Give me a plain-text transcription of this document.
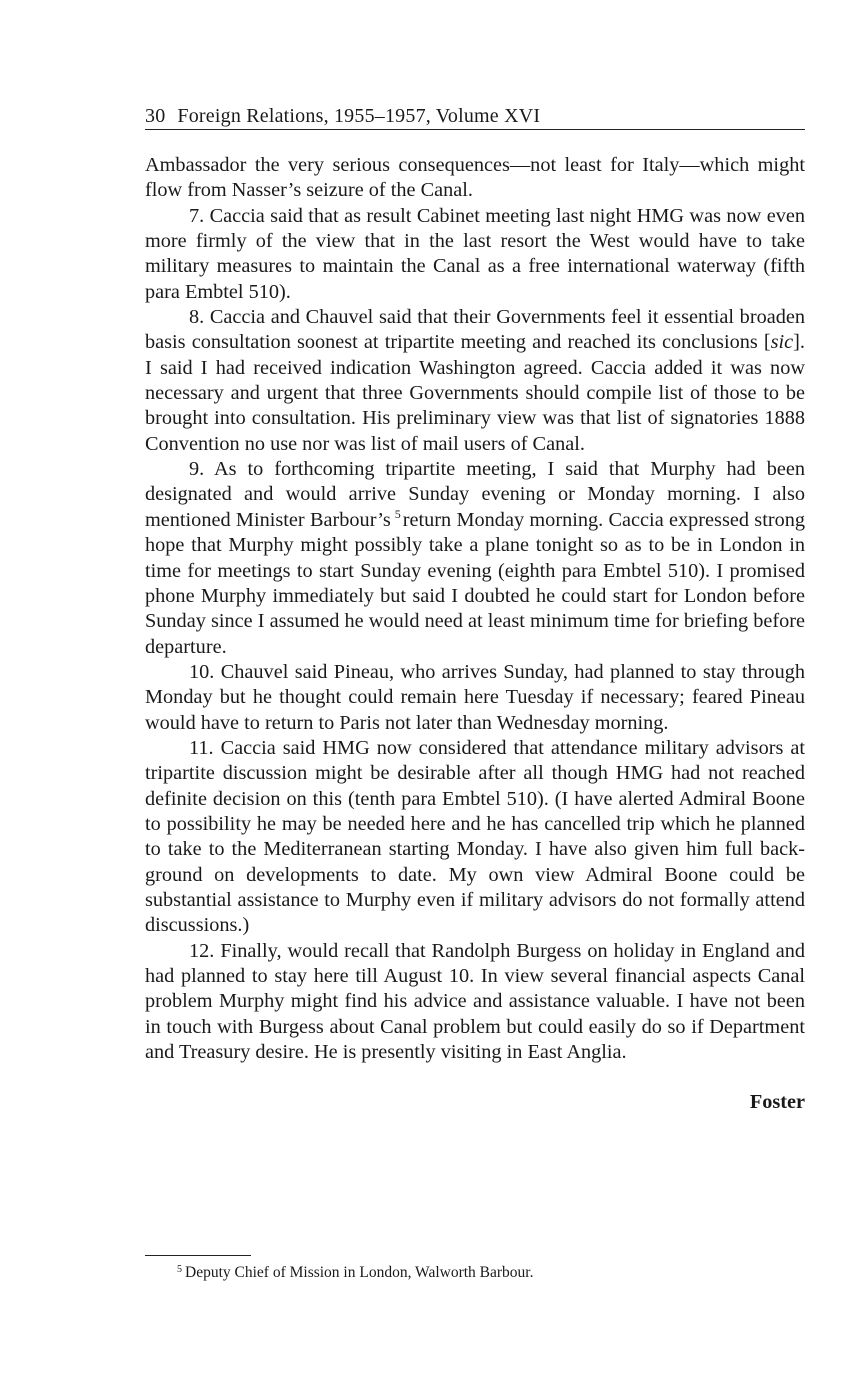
30 Foreign Relations, 1955–1957, Volume XVI

Ambassador the very serious consequences—not least for Italy—which might flow from Nasser’s seizure of the Canal.

7. Caccia said that as result Cabinet meeting last night HMG was now even more firmly of the view that in the last resort the West would have to take military measures to maintain the Canal as a free international waterway (fifth para Embtel 510).

8. Caccia and Chauvel said that their Governments feel it essential broaden basis consultation soonest at tripartite meeting and reached its conclusions [sic]. I said I had received indication Washington agreed. Caccia added it was now necessary and urgent that three Governments should compile list of those to be brought into consultation. His preliminary view was that list of signatories 1888 Convention no use nor was list of mail users of Canal.

9. As to forthcoming tripartite meeting, I said that Murphy had been designated and would arrive Sunday evening or Monday morning. I also mentioned Minister Barbour’s $^5$return Monday morning. Caccia expressed strong hope that Murphy might possibly take a plane tonight so as to be in London in time for meetings to start Sunday evening (eighth para Embtel 510). I promised phone Murphy immediately but said I doubted he could start for London before Sunday since I assumed he would need at least minimum time for briefing before departure.

10. Chauvel said Pineau, who arrives Sunday, had planned to stay through Monday but he thought could remain here Tuesday if necessary; feared Pineau would have to return to Paris not later than Wednesday morning.

11. Caccia said HMG now considered that attendance military advisors at tripartite discussion might be desirable after all though HMG had not reached definite decision on this (tenth para Embtel 510). (I have alerted Admiral Boone to possibility he may be needed here and he has cancelled trip which he planned to take to the Mediterranean starting Monday. I have also given him full background on developments to date. My own view Admiral Boone could be substantial assistance to Murphy even if military advisors do not formally attend discussions.)

12. Finally, would recall that Randolph Burgess on holiday in England and had planned to stay here till August 10. In view several financial aspects Canal problem Murphy might find his advice and assistance valuable. I have not been in touch with Burgess about Canal problem but could easily do so if Department and Treasury desire. He is presently visiting in East Anglia.

Foster
$^5$ Deputy Chief of Mission in London, Walworth Barbour.
